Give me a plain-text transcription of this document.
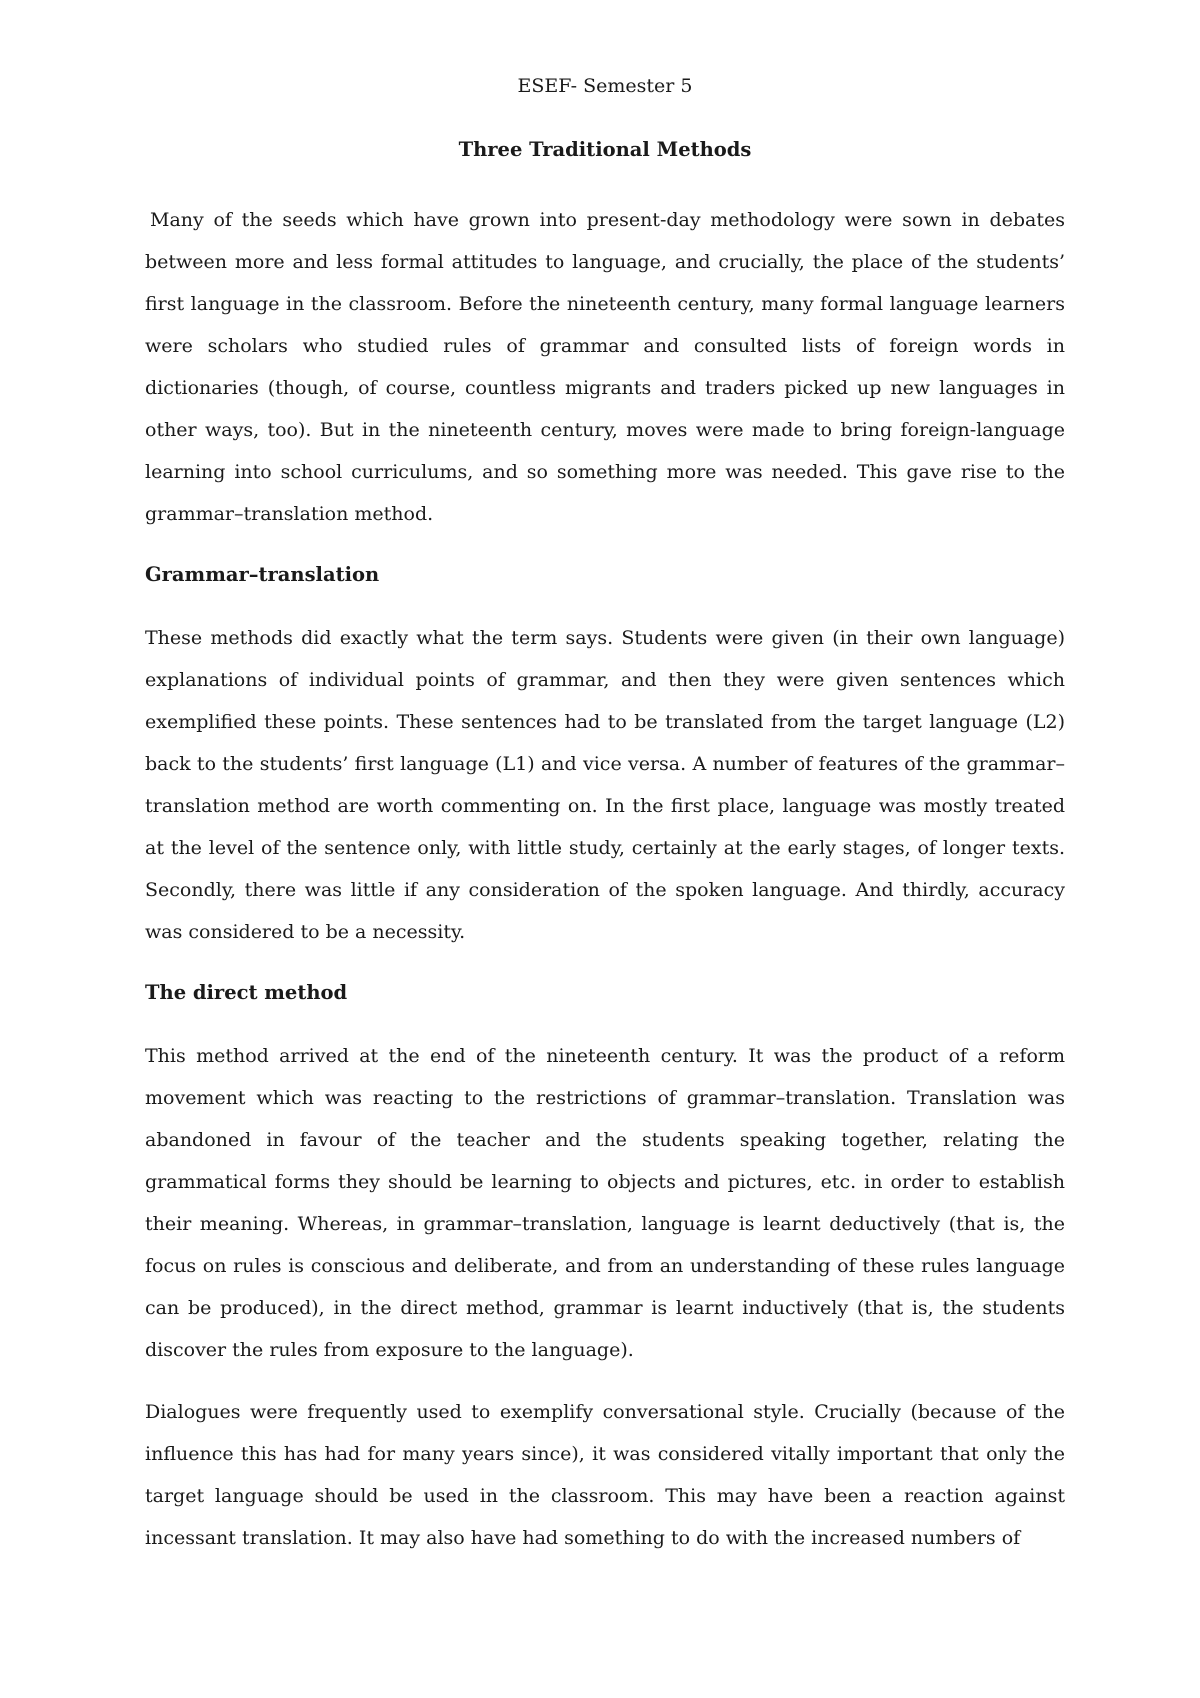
ESEF- Semester 5
Three Traditional Methods

Many of the seeds which have grown into present-day methodology were sown in debates between more and less formal attitudes to language, and crucially, the place of the students’ first language in the classroom. Before the nineteenth century, many formal language learners were scholars who studied rules of grammar and consulted lists of foreign words in dictionaries (though, of course, countless migrants and traders picked up new languages in other ways, too). But in the nineteenth century, moves were made to bring foreign-language learning into school curriculums, and so something more was needed. This gave rise to the grammar–translation method.

Grammar–translation

These methods did exactly what the term says. Students were given (in their own language) explanations of individual points of grammar, and then they were given sentences which exemplified these points. These sentences had to be translated from the target language (L2) back to the students’ first language (L1) and vice versa. A number of features of the grammar–translation method are worth commenting on. In the first place, language was mostly treated at the level of the sentence only, with little study, certainly at the early stages, of longer texts. Secondly, there was little if any consideration of the spoken language. And thirdly, accuracy was considered to be a necessity.

The direct method

This method arrived at the end of the nineteenth century. It was the product of a reform movement which was reacting to the restrictions of grammar–translation. Translation was abandoned in favour of the teacher and the students speaking together, relating the grammatical forms they should be learning to objects and pictures, etc. in order to establish their meaning. Whereas, in grammar–translation, language is learnt deductively (that is, the focus on rules is conscious and deliberate, and from an understanding of these rules language can be produced), in the direct method, grammar is learnt inductively (that is, the students discover the rules from exposure to the language).

Dialogues were frequently used to exemplify conversational style. Crucially (because of the influence this has had for many years since), it was considered vitally important that only the target language should be used in the classroom. This may have been a reaction against incessant translation. It may also have had something to do with the increased numbers of
